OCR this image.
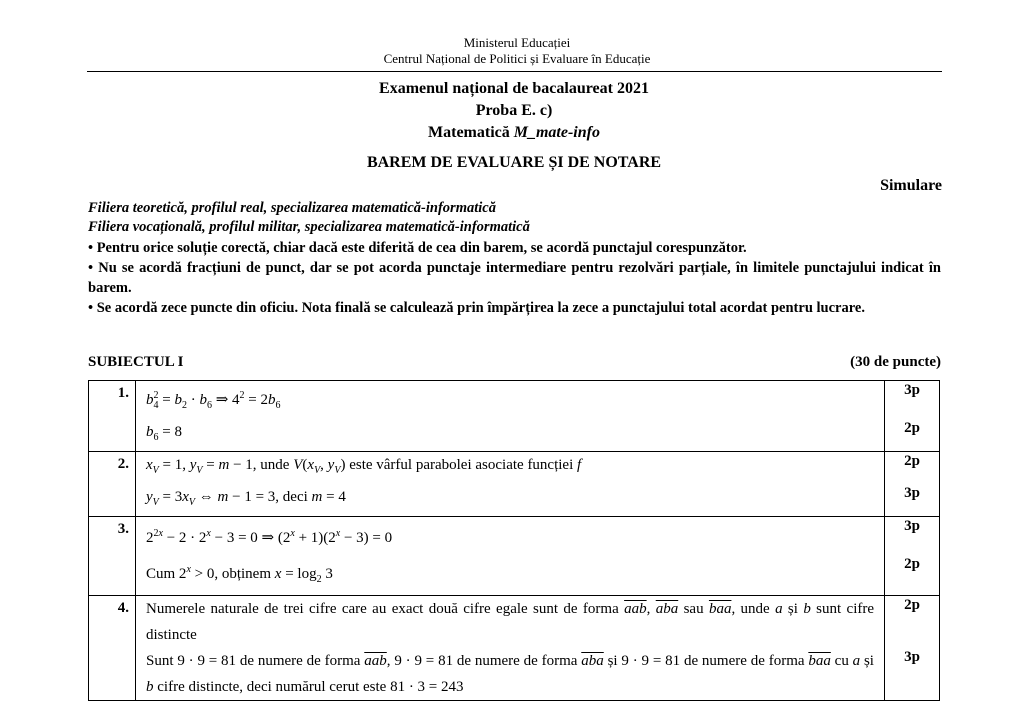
Ministerul Educației
Centrul Național de Politici și Evaluare în Educație
Examenul național de bacalaureat 2021
Proba E. c)
Matematică M_mate-info
BAREM DE EVALUARE ȘI DE NOTARE
Simulare
Filiera teoretică, profilul real, specializarea matematică-informatică
Filiera vocațională, profilul militar, specializarea matematică-informatică
• Pentru orice soluție corectă, chiar dacă este diferită de cea din barem, se acordă punctajul corespunzător.
• Nu se acordă fracțiuni de punct, dar se pot acorda punctaje intermediare pentru rezolvări parțiale, în limitele punctajului indicat în barem.
• Se acordă zece puncte din oficiu. Nota finală se calculează prin împărțirea la zece a punctajului total acordat pentru lucrare.
SUBIECTUL I	(30 de puncte)
1.	$b_4^2 = b_2 \cdot b_6$ ⇒ $4^2 = 2b_6$	3p
	$b_6 = 8$	2p
2.	$x_V = 1$, $y_V = m - 1$, unde $V(x_V$, $y_V$) este vârful parabolei asociate funcției f	2p
	$y_V = 3x_V$ ⇔ m − 1 = 3, deci m = 4	3p
3.	$2^{2x} - 2 \cdot 2^x - 3 = 0$ ⇒ $(2^x + 1)(2^x - 3) = 0$	3p
	Cum $2^x > 0$, obținem $x = \log_2 3$	2p
4.	Numerele naturale de trei cifre care au exact două cifre egale sunt de forma $\overline{aab}$, $\overline{aba}$ sau $\overline{baa}$, unde a și b sunt cifre distincte	2p
	Sunt 9 · 9 = 81 de numere de forma $\overline{aab}$, 9 · 9 = 81 de numere de forma $\overline{aba}$ și 9 · 9 = 81 de numere de forma $\overline{baa}$ cu a și b cifre distincte, deci numărul cerut este 81 · 3 = 243	3p
